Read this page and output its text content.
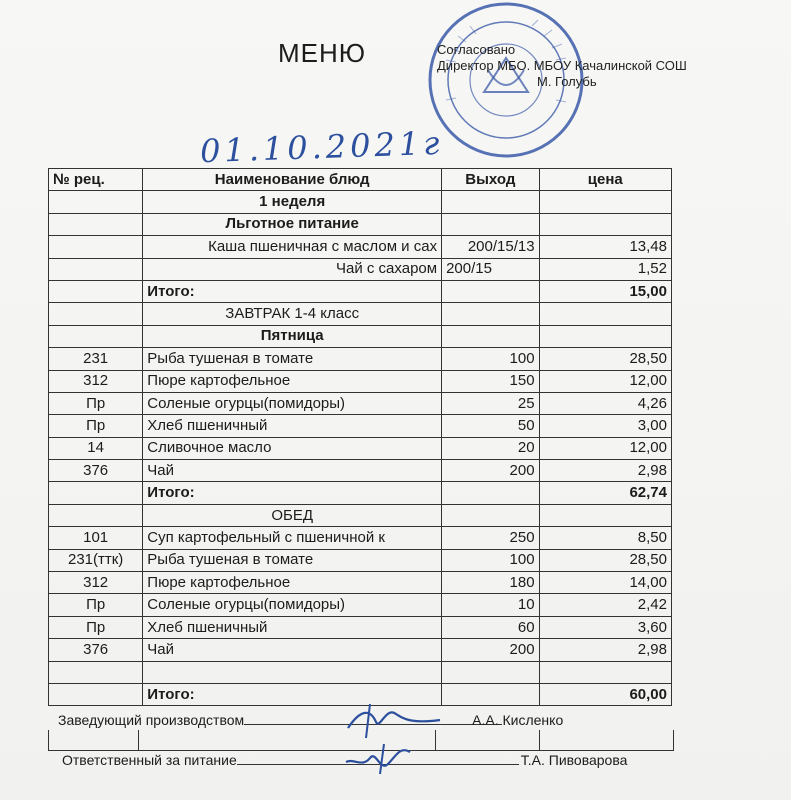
МЕНЮ	Согласовано
Директор МБО. МБОУ Качалинской СОШ
М. Голубь
01.10.2021г
№ рец.	Наименование блюд	Выход	цена
	1 неделя		
	Льготное питание		
	Каша пшеничная с маслом и сах	200/15/13	13,48
	Чай с сахаром	200/15	1,52
	Итого:		15,00
	ЗАВТРАК 1-4 класс		
	Пятница		
231	Рыба тушеная в томате	100	28,50
312	Пюре картофельное	150	12,00
Пр	Соленые огурцы(помидоры)	25	4,26
Пр	Хлеб пшеничный	50	3,00
14	Сливочное масло	20	12,00
376	Чай	200	2,98
	Итого:		62,74
	ОБЕД		
101	Суп картофельный с пшеничной к	250	8,50
231(ттк)	Рыба тушеная в томате	100	28,50
312	Пюре картофельное	180	14,00
Пр	Соленые огурцы(помидоры)	10	2,42
Пр	Хлеб пшеничный	60	3,60
376	Чай	200	2,98

	Итого:		60,00
Заведующий производством	А.А. Кисленко
Ответственный за питание	Т.А. Пивоварова
